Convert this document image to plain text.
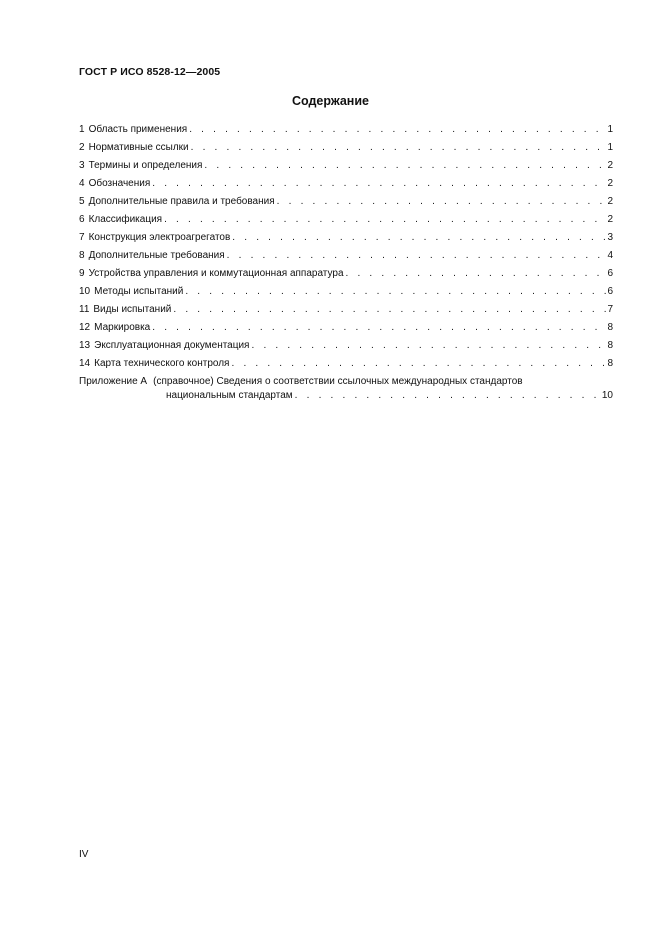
ГОСТ Р ИСО 8528-12—2005
Содержание
1 Область применения . . .	1
2 Нормативные ссылки . . .	1
3 Термины и определения . . .	2
4 Обозначения . . .	2
5 Дополнительные правила и требования . . .	2
6 Классификация . . .	2
7 Конструкция электроагрегатов . . .	3
8 Дополнительные требования . . .	4
9 Устройства управления и коммутационная аппаратура . . .	6
10 Методы испытаний . . .	6
11 Виды испытаний . . .	7
12 Маркировка . . .	8
13 Эксплуатационная документация . . .	8
14 Карта технического контроля . . .	8
Приложение А (справочное) Сведения о соответствии ссылочных международных стандартов
национальным стандартам . . .	10
IV
